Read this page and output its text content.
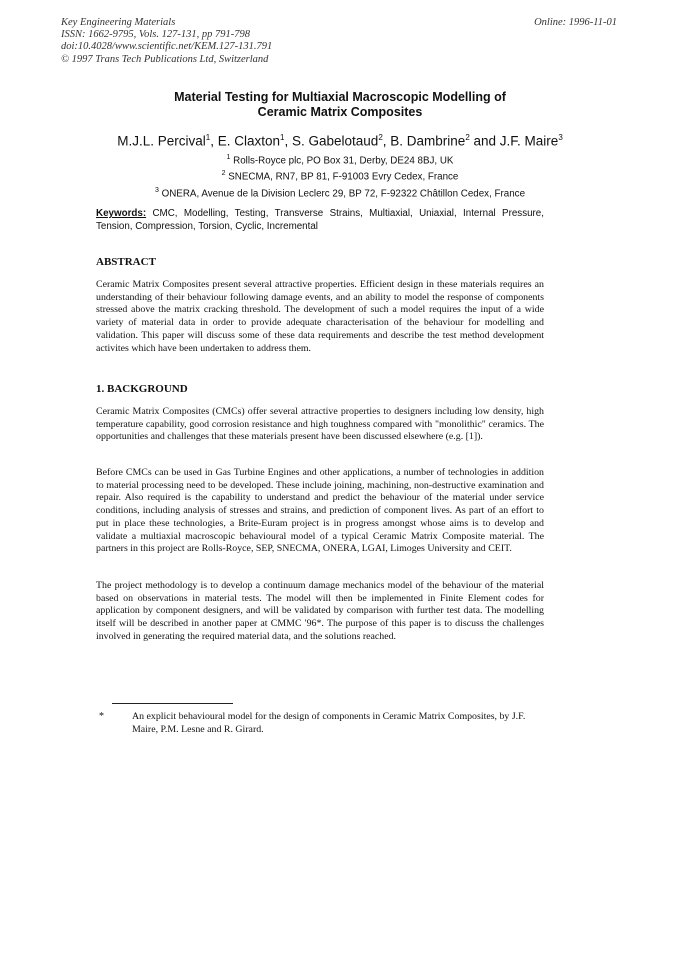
Key Engineering Materials
ISSN: 1662-9795, Vols. 127-131, pp 791-798
doi:10.4028/www.scientific.net/KEM.127-131.791
© 1997 Trans Tech Publications Ltd, Switzerland
Online: 1996-11-01
Material Testing for Multiaxial Macroscopic Modelling of
Ceramic Matrix Composites
M.J.L. Percival$^1$, E. Claxton$^1$, S. Gabelotaud$^2$, B. Dambrine$^2$ and J.F. Maire$^3$
$^1$ Rolls-Royce plc, PO Box 31, Derby, DE24 8BJ, UK
$^2$ SNECMA, RN7, BP 81, F-91003 Evry Cedex, France
$^3$ ONERA, Avenue de la Division Leclerc 29, BP 72, F-92322 Châtillon Cedex, France
Keywords: CMC, Modelling, Testing, Transverse Strains, Multiaxial, Uniaxial, Internal Pressure, Tension, Compression, Torsion, Cyclic, Incremental
ABSTRACT

Ceramic Matrix Composites present several attractive properties. Efficient design in these materials requires an understanding of their behaviour following damage events, and an ability to model the response of components stressed above the matrix cracking threshold. The development of such a model requires the input of a wide variety of material data in order to provide adequate characterisation of the behaviour for modelling and validation. This paper will discuss some of these data requirements and describe the test method development activites which have been undertaken to address them.

1. BACKGROUND

Ceramic Matrix Composites (CMCs) offer several attractive properties to designers including low density, high temperature capability, good corrosion resistance and high toughness compared with "monolithic" ceramics. The opportunities and challenges that these materials present have been discussed elsewhere (e.g. [1]).

Before CMCs can be used in Gas Turbine Engines and other applications, a number of technologies in addition to material processing need to be developed. These include joining, machining, non-destructive examination and repair. Also required is the capability to understand and predict the behaviour of the material under service conditions, including analysis of stresses and strains, and prediction of component lives. As part of an effort to put in place these technologies, a Brite-Euram project is in progress amongst whose aims is to develop and validate a multiaxial macroscopic behavioural model of a typical Ceramic Matrix Composite material. The partners in this project are Rolls-Royce, SEP, SNECMA, ONERA, LGAI, Limoges University and CEIT.

The project methodology is to develop a continuum damage mechanics model of the behaviour of the material based on observations in material tests. The model will then be implemented in Finite Element codes for application by component designers, and will be validated by comparison with further test data. The modelling itself will be described in another paper at CMMC '96*. The purpose of this paper is to discuss the challenges involved in generating the required material data, and the solutions reached.

*	An explicit behavioural model for the design of components in Ceramic Matrix Composites, by J.F. Maire, P.M. Lesne and R. Girard.
